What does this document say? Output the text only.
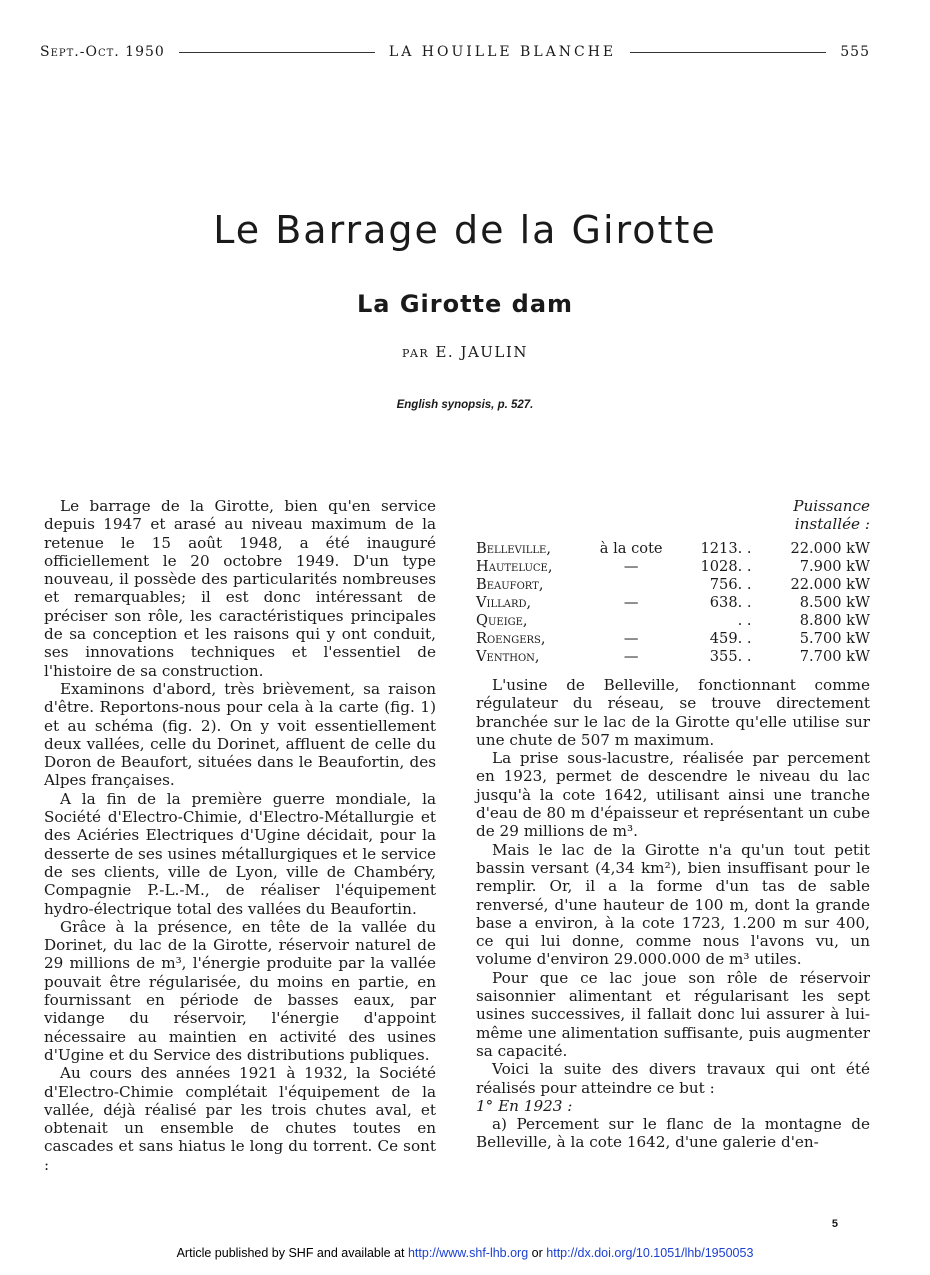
Sept.-Oct. 1950	LA HOUILLE BLANCHE	555
Le Barrage de la Girotte
La Girotte dam
par E. JAULIN
English synopsis, p. 527.

Le barrage de la Girotte, bien qu'en service depuis 1947 et arasé au niveau maximum de la retenue le 15 août 1948, a été inauguré officiellement le 20 octobre 1949. D'un type nouveau, il possède des particularités nombreuses et remarquables; il est donc intéressant de préciser son rôle, les caractéristiques principales de sa conception et les raisons qui y ont conduit, ses innovations techniques et l'essentiel de l'histoire de sa construction.

Examinons d'abord, très brièvement, sa raison d'être. Reportons-nous pour cela à la carte (fig. 1) et au schéma (fig. 2). On y voit essentiellement deux vallées, celle du Dorinet, affluent de celle du Doron de Beaufort, situées dans le Beaufortin, des Alpes françaises.

A la fin de la première guerre mondiale, la Société d'Electro-Chimie, d'Electro-Métallurgie et des Aciéries Electriques d'Ugine décidait, pour la desserte de ses usines métallurgiques et le service de ses clients, ville de Lyon, ville de Chambéry, Compagnie P.-L.-M., de réaliser l'équipement hydro-électrique total des vallées du Beaufortin.

Grâce à la présence, en tête de la vallée du Dorinet, du lac de la Girotte, réservoir naturel de 29 millions de m³, l'énergie produite par la vallée pouvait être régularisée, du moins en partie, en fournissant en période de basses eaux, par vidange du réservoir, l'énergie d'appoint nécessaire au maintien en activité des usines d'Ugine et du Service des distributions publiques.

Au cours des années 1921 à 1932, la Société d'Electro-Chimie complétait l'équipement de la vallée, déjà réalisé par les trois chutes aval, et obtenait un ensemble de chutes toutes en cascades et sans hiatus le long du torrent. Ce sont :

Puissance
installée :
Belleville,	à la cote	1213. .	22.000 kW
Hauteluce,	—	1028. .	7.900 kW
Beaufort,		756. .	22.000 kW
Villard,	—	638. .	8.500 kW
Queige,		. .	8.800 kW
Roengers,	—	459. .	5.700 kW
Venthon,	—	355. .	7.700 kW

L'usine de Belleville, fonctionnant comme régulateur du réseau, se trouve directement branchée sur le lac de la Girotte qu'elle utilise sur une chute de 507 m maximum.

La prise sous-lacustre, réalisée par percement en 1923, permet de descendre le niveau du lac jusqu'à la cote 1642, utilisant ainsi une tranche d'eau de 80 m d'épaisseur et représentant un cube de 29 millions de m³.

Mais le lac de la Girotte n'a qu'un tout petit bassin versant (4,34 km²), bien insuffisant pour le remplir. Or, il a la forme d'un tas de sable renversé, d'une hauteur de 100 m, dont la grande base a environ, à la cote 1723, 1.200 m sur 400, ce qui lui donne, comme nous l'avons vu, un volume d'environ 29.000.000 de m³ utiles.

Pour que ce lac joue son rôle de réservoir saisonnier alimentant et régularisant les sept usines successives, il fallait donc lui assurer à lui-même une alimentation suffisante, puis augmenter sa capacité.

Voici la suite des divers travaux qui ont été réalisés pour atteindre ce but :

1° En 1923 :

a) Percement sur le flanc de la montagne de Belleville, à la cote 1642, d'une galerie d'en-

5
Article published by SHF and available at http://www.shf-lhb.org or http://dx.doi.org/10.1051/lhb/1950053
